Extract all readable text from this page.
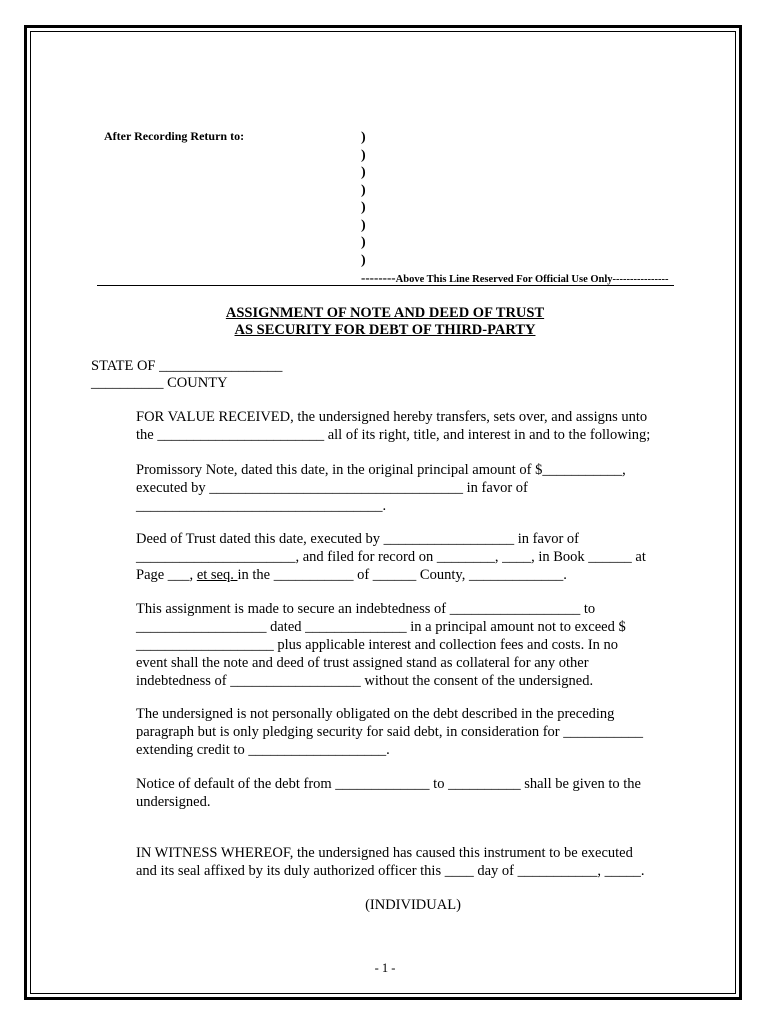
After Recording Return to:	)
)
)
)
)
)
)
)
--------Above This Line Reserved For Official Use Only----------------
ASSIGNMENT OF NOTE AND DEED OF TRUST
AS SECURITY FOR DEBT OF THIRD-PARTY
STATE OF _________________
__________ COUNTY
FOR VALUE RECEIVED, the undersigned hereby transfers, sets over, and assigns unto
the _______________________ all of its right, title, and interest in and to the following;
Promissory Note, dated this date, in the original principal amount of $___________,
executed by ___________________________________ in favor of
__________________________________.
Deed of Trust dated this date, executed by __________________ in favor of
______________________, and filed for record on ________, ____, in Book ______ at
Page ___, et seq. in the ___________ of ______ County, _____________.
This assignment is made to secure an indebtedness of __________________ to
__________________ dated ______________ in a principal amount not to exceed $
___________________ plus applicable interest and collection fees and costs. In no
event shall the note and deed of trust assigned stand as collateral for any other
indebtedness of __________________ without the consent of the undersigned.
The undersigned is not personally obligated on the debt described in the preceding
paragraph but is only pledging security for said debt, in consideration for ___________
extending credit to ___________________.
Notice of default of the debt from _____________ to __________ shall be given to the
undersigned.
IN WITNESS WHEREOF, the undersigned has caused this instrument to be executed
and its seal affixed by its duly authorized officer this ____ day of ___________, _____.
(INDIVIDUAL)
- 1 -
